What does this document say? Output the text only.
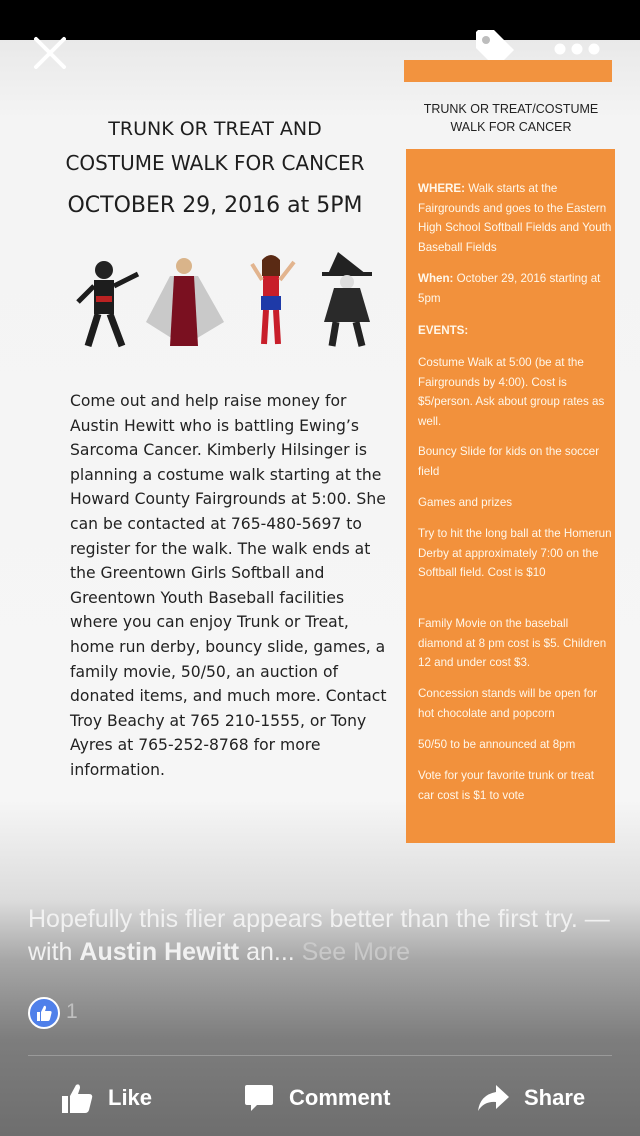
TRUNK OR TREAT AND
COSTUME WALK FOR CANCER
OCTOBER 29, 2016 at 5PM
Come out and help raise money for
Austin Hewitt who is battling Ewing’s
Sarcoma Cancer. Kimberly Hilsinger is
planning a costume walk starting at the
Howard County Fairgrounds at 5:00. She
can be contacted at 765-480-5697 to
register for the walk. The walk ends at
the Greentown Girls Softball and
Greentown Youth Baseball facilities
where you can enjoy Trunk or Treat,
home run derby, bouncy slide, games, a
family movie, 50/50, an auction of
donated items, and much more. Contact
Troy Beachy at 765 210-1555, or Tony
Ayres at 765-252-8768 for more
information.
TRUNK OR TREAT/COSTUME
WALK FOR CANCER
WHERE: Walk starts at the Fairgrounds and goes to the Eastern High School Softball Fields and Youth Baseball Fields
When: October 29, 2016 starting at 5pm
EVENTS:
Costume Walk at 5:00 (be at the Fairgrounds by 4:00). Cost is $5/person. Ask about group rates as well.
Bouncy Slide for kids on the soccer field
Games and prizes
Try to hit the long ball at the Homerun Derby at approximately 7:00 on the Softball field. Cost is $10
Family Movie on the baseball diamond at 8 pm cost is $5. Children 12 and under cost $3.
Concession stands will be open for hot chocolate and popcorn
50/50 to be announced at 8pm
Vote for your favorite trunk or treat car cost is $1 to vote
Hopefully this flier appears better than the first try. — with Austin Hewitt an... See More
1
Like	Comment	Share
